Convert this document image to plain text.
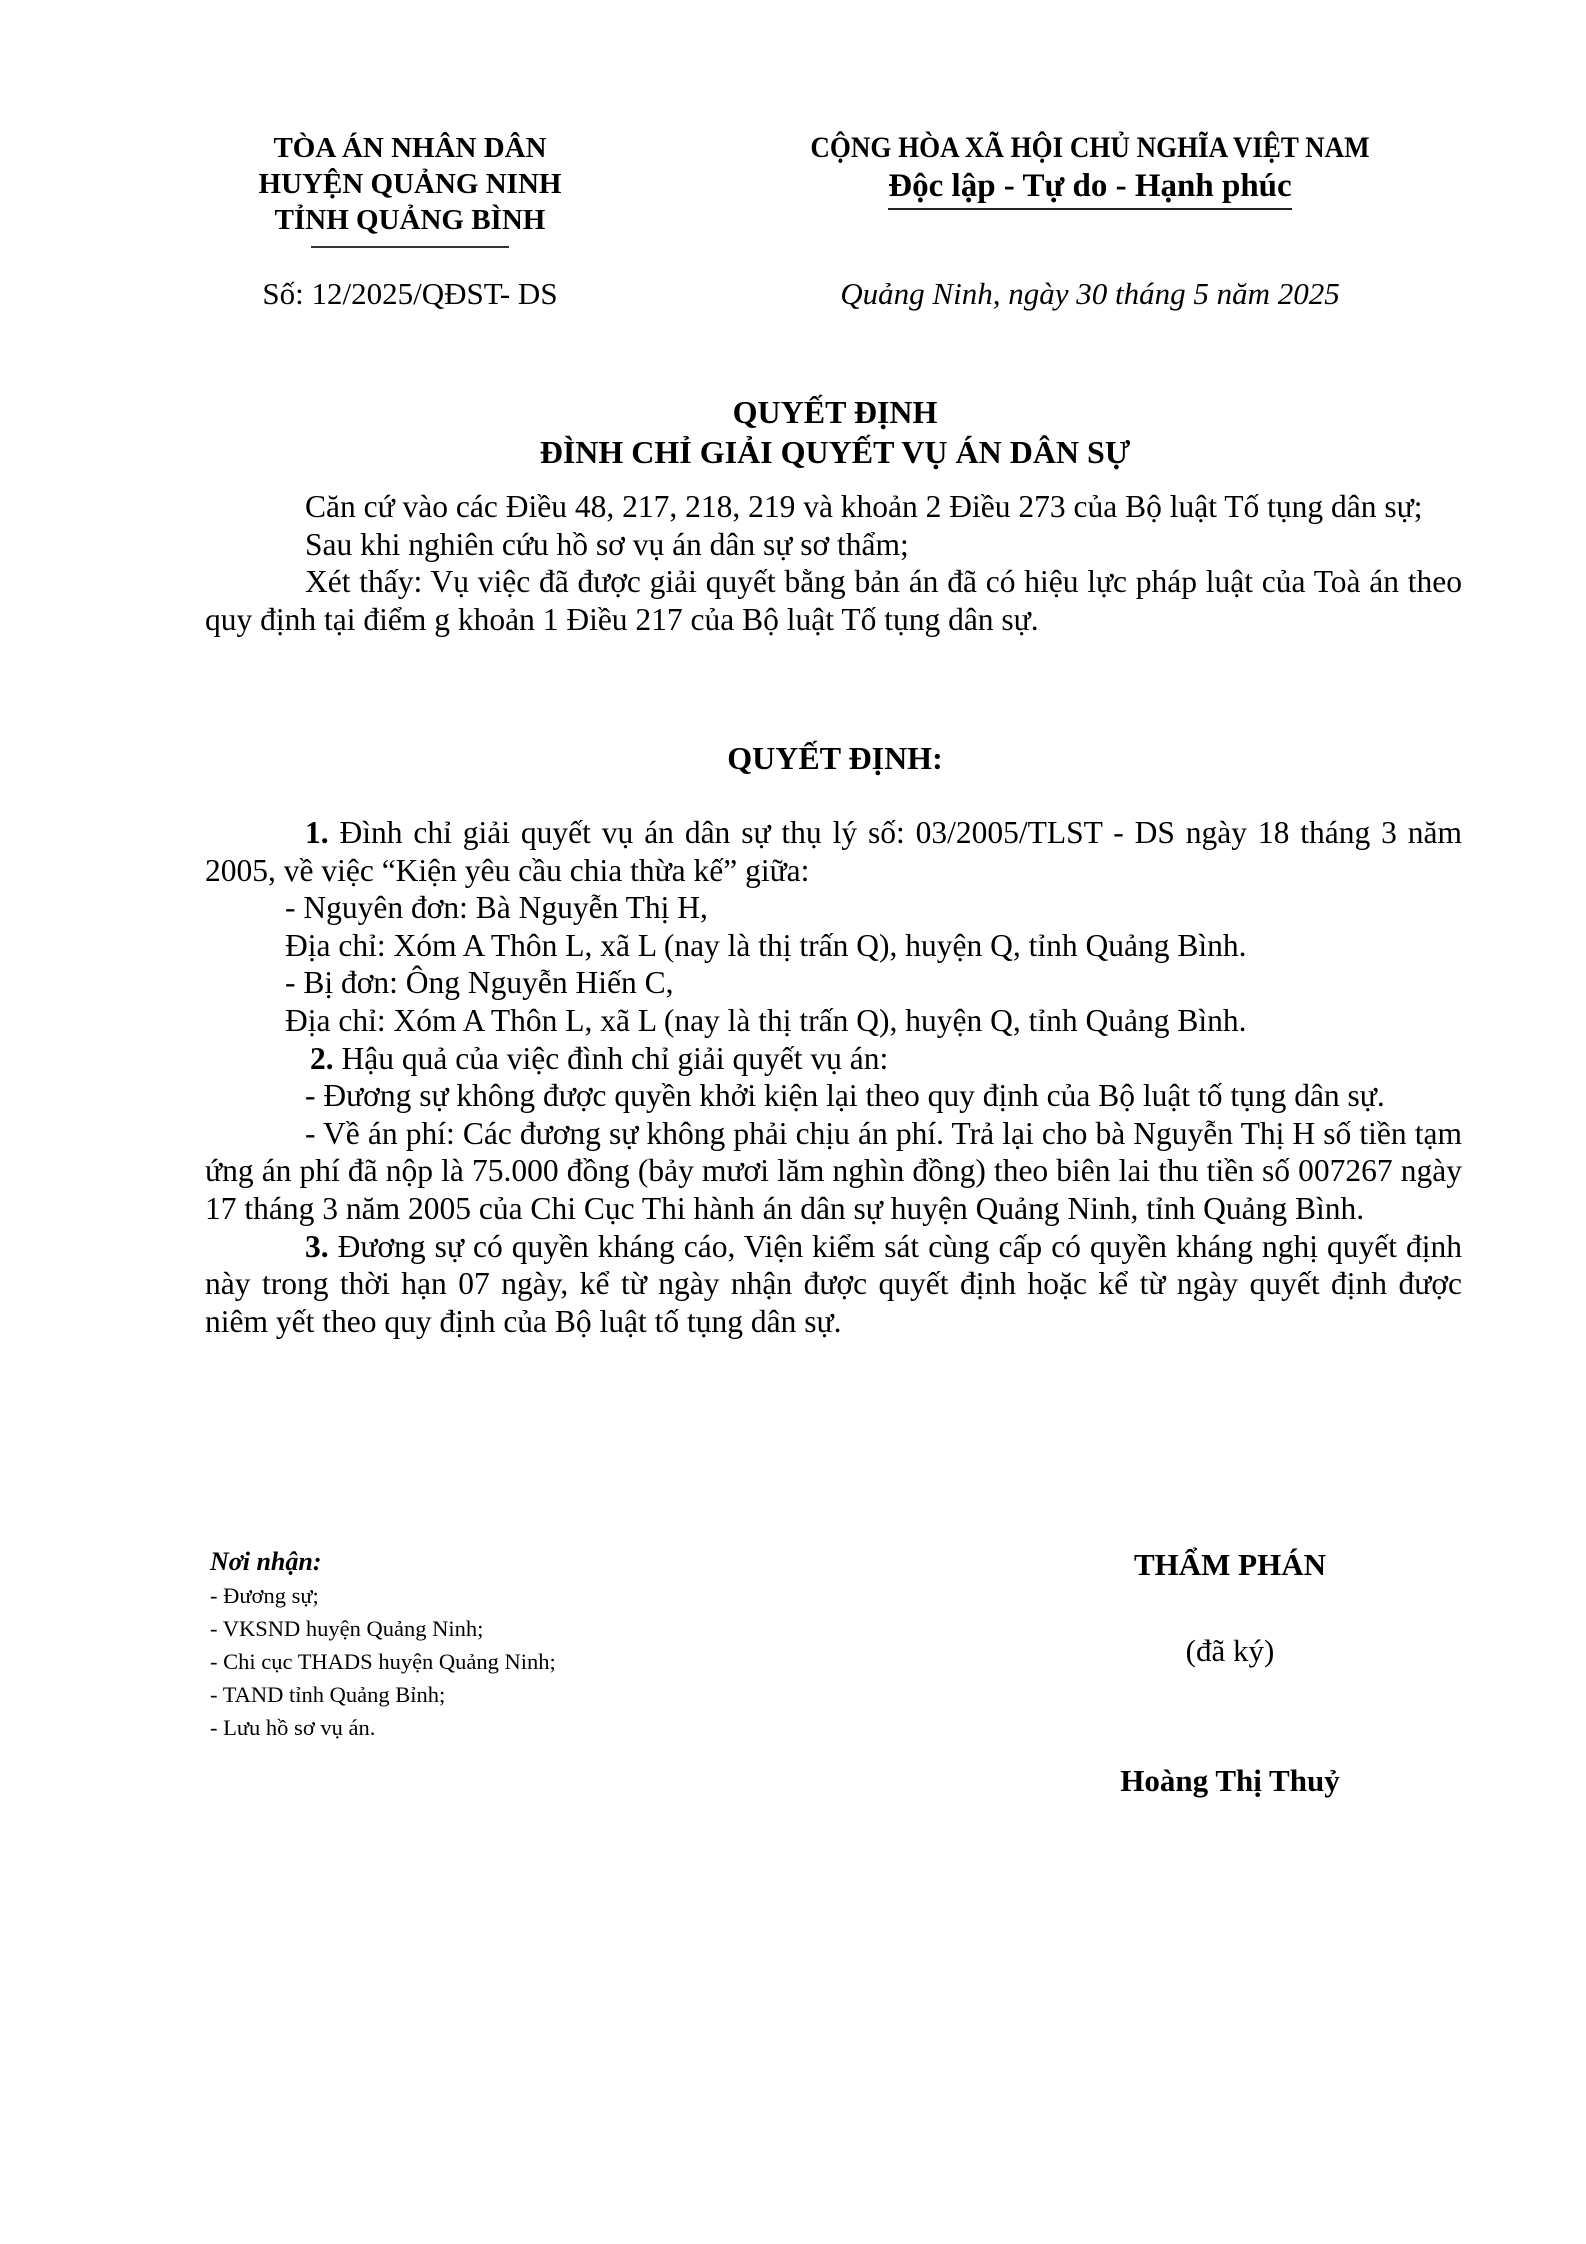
TÒA ÁN NHÂN DÂN
HUYỆN QUẢNG NINH
TỈNH QUẢNG BÌNH
Số: 12/2025/QĐST- DS
CỘNG HÒA XÃ HỘI CHỦ NGHĨA VIỆT NAM
Độc lập - Tự do - Hạnh phúc
Quảng Ninh, ngày 30 tháng 5 năm 2025
QUYẾT ĐỊNH
ĐÌNH CHỈ GIẢI QUYẾT VỤ ÁN DÂN SỰ

Căn cứ vào các Điều 48, 217, 218, 219 và khoản 2 Điều 273 của Bộ luật Tố tụng dân sự;

Sau khi nghiên cứu hồ sơ vụ án dân sự sơ thẩm;

Xét thấy: Vụ việc đã được giải quyết bằng bản án đã có hiệu lực pháp luật của Toà án theo quy định tại điểm g khoản 1 Điều 217 của Bộ luật Tố tụng dân sự.

QUYẾT ĐỊNH:

1. Đình chỉ giải quyết vụ án dân sự thụ lý số: 03/2005/TLST - DS ngày 18 tháng 3 năm 2005, về việc “Kiện yêu cầu chia thừa kế” giữa:

- Nguyên đơn: Bà Nguyễn Thị H,

Địa chỉ: Xóm A Thôn L, xã L (nay là thị trấn Q), huyện Q, tỉnh Quảng Bình.

- Bị đơn: Ông Nguyễn Hiến C,

Địa chỉ: Xóm A Thôn L, xã L (nay là thị trấn Q), huyện Q, tỉnh Quảng Bình.

2. Hậu quả của việc đình chỉ giải quyết vụ án:

- Đương sự không được quyền khởi kiện lại theo quy định của Bộ luật tố tụng dân sự.

- Về án phí: Các đương sự không phải chịu án phí. Trả lại cho bà Nguyễn Thị H số tiền tạm ứng án phí đã nộp là 75.000 đồng (bảy mươi lăm nghìn đồng) theo biên lai thu tiền số 007267 ngày 17 tháng 3 năm 2005 của Chi Cục Thi hành án dân sự huyện Quảng Ninh, tỉnh Quảng Bình.

3. Đương sự có quyền kháng cáo, Viện kiểm sát cùng cấp có quyền kháng nghị quyết định này trong thời hạn 07 ngày, kể từ ngày nhận được quyết định hoặc kể từ ngày quyết định được niêm yết theo quy định của Bộ luật tố tụng dân sự.

Nơi nhận:
- Đương sự;
- VKSND huyện Quảng Ninh;
- Chi cục THADS huyện Quảng Ninh;
- TAND tỉnh Quảng Bỉnh;
- Lưu hồ sơ vụ án.
THẨM PHÁN
(đã ký)
Hoàng Thị Thuỷ
